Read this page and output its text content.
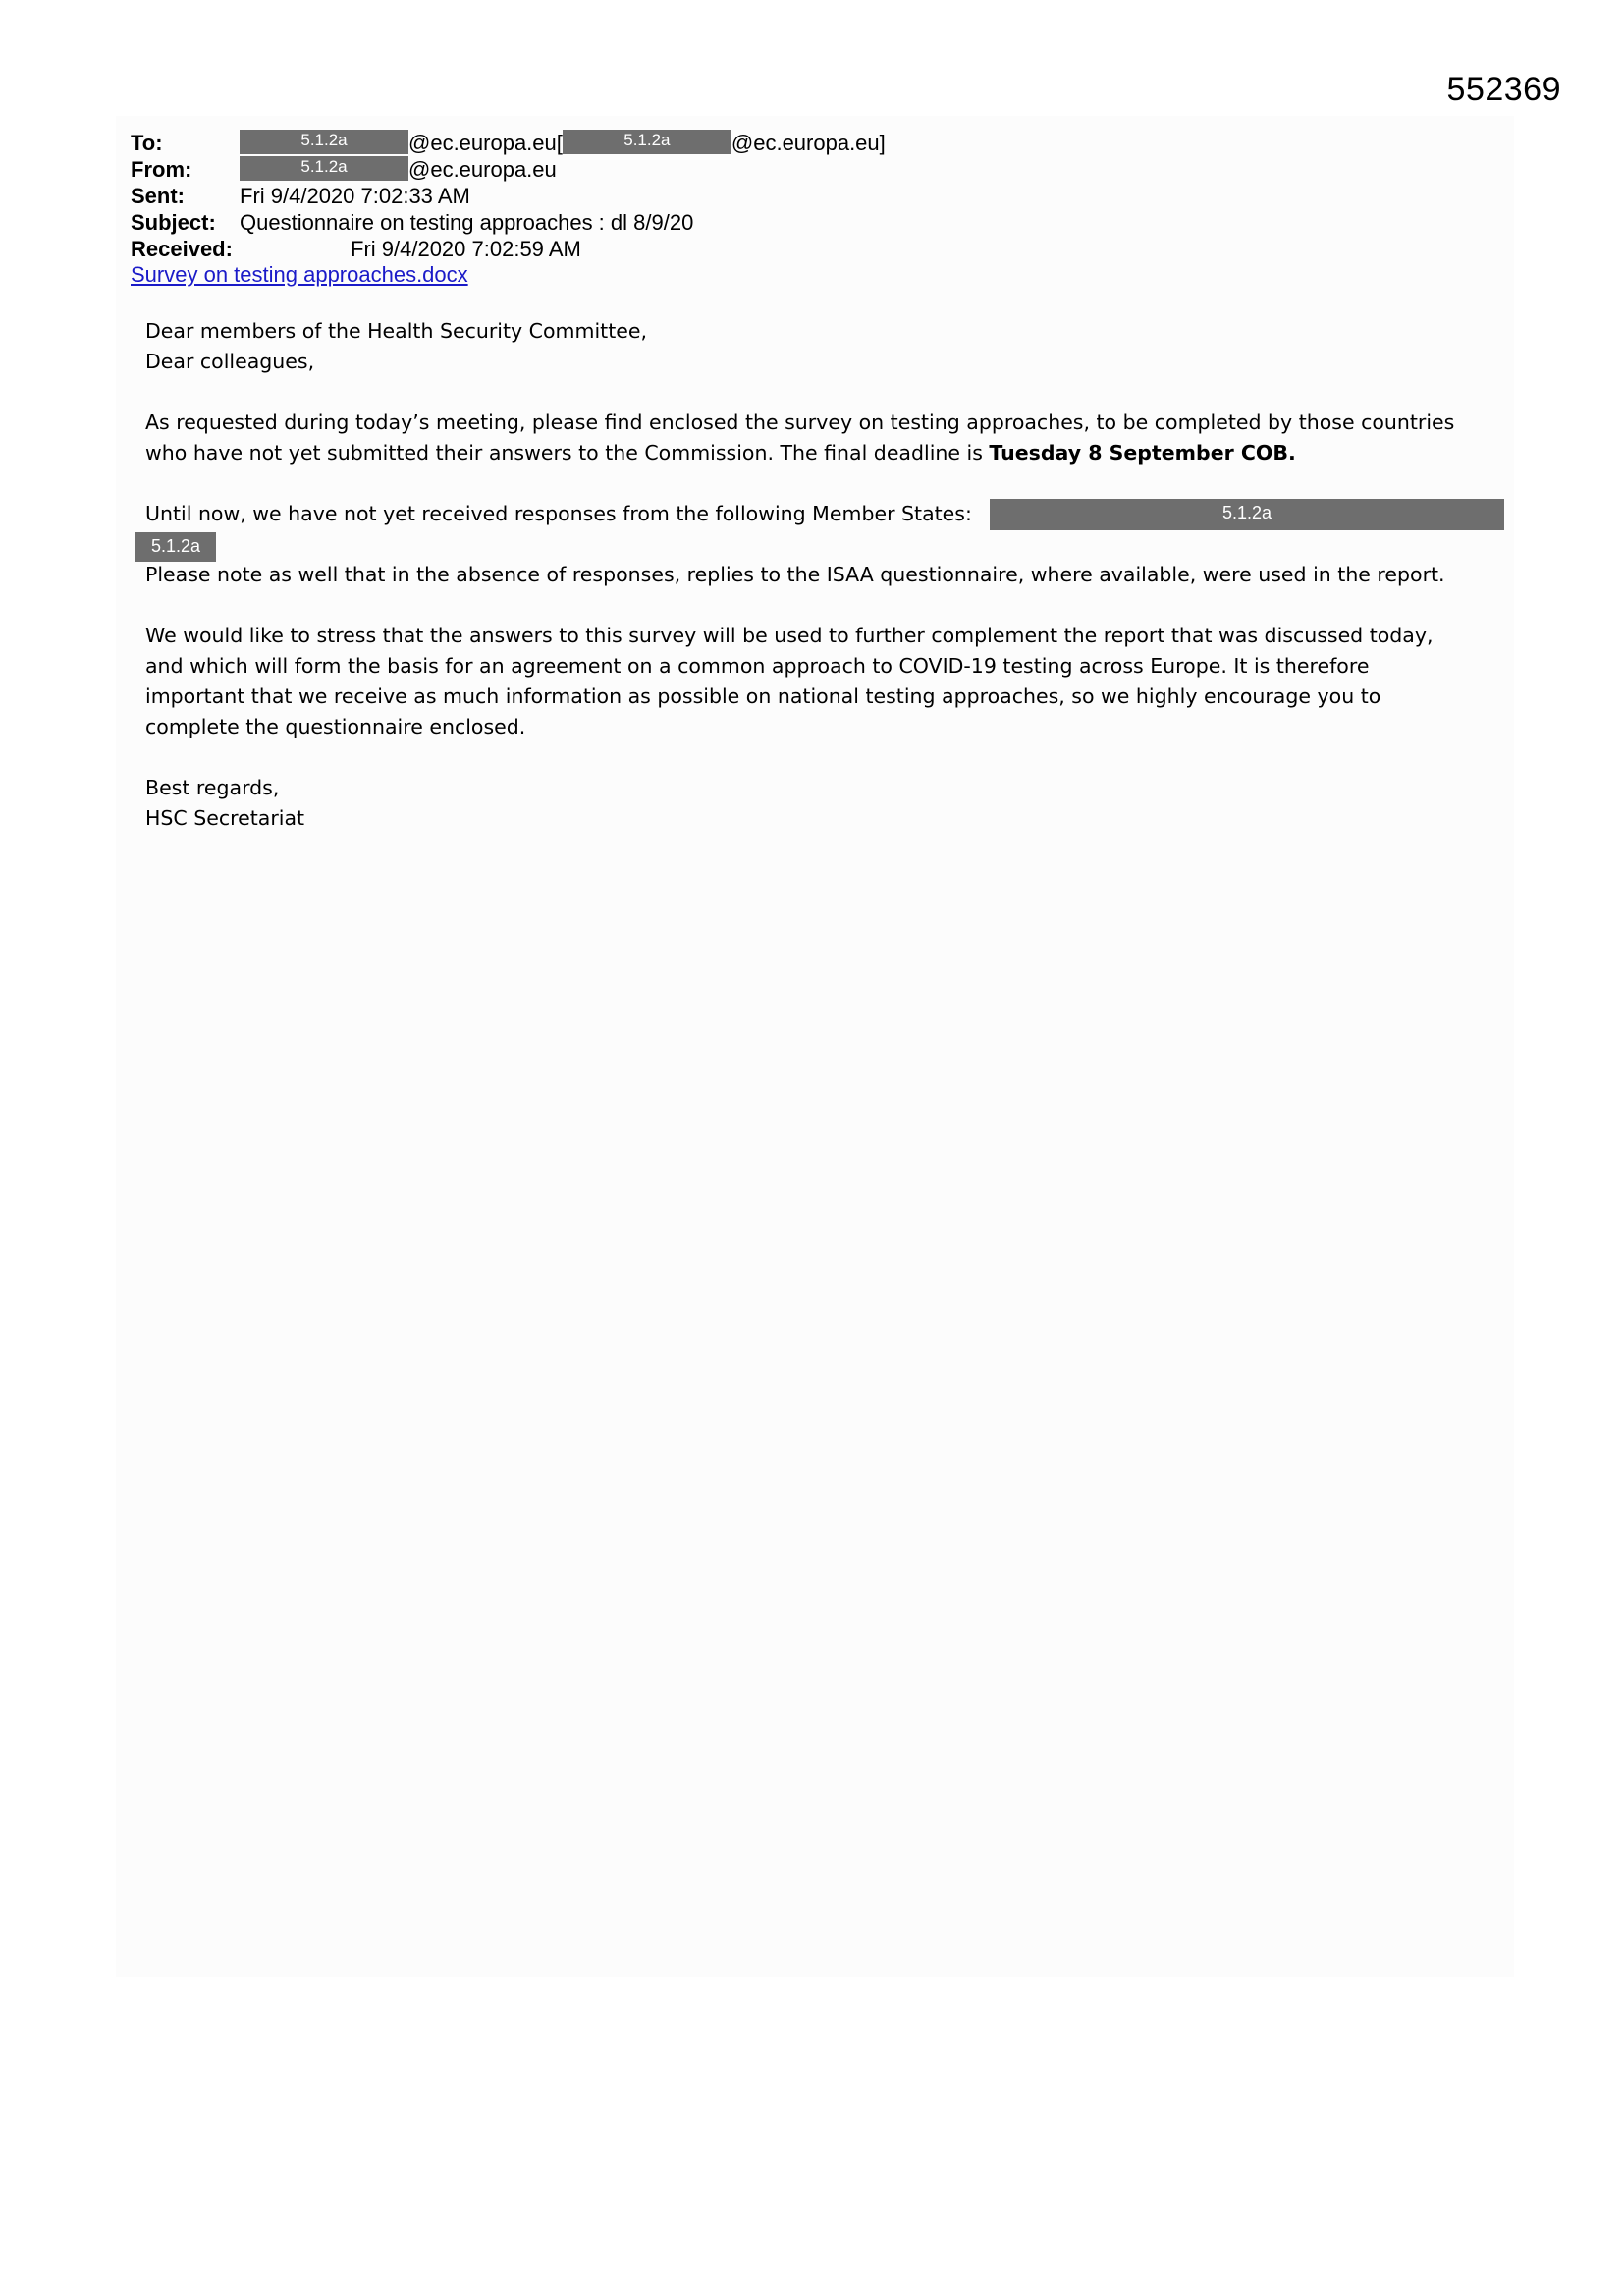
552369
To:	5.1.2a	@ec.europa.eu[	5.1.2a	@ec.europa.eu]
From:	5.1.2a	@ec.europa.eu
Sent:	Fri 9/4/2020 7:02:33 AM
Subject: Questionnaire on testing approaches : dl 8/9/20
Received:	Fri 9/4/2020 7:02:59 AM
Survey on testing approaches.docx
Dear members of the Health Security Committee,
Dear colleagues,
As requested during today’s meeting, please find enclosed the survey on testing approaches, to be completed by those countries
who have not yet submitted their answers to the Commission. The final deadline is Tuesday 8 September COB.
Until now, we have not yet received responses from the following Member States:

Please note as well that in the absence of responses, replies to the ISAA questionnaire, where available, were used in the report.
We would like to stress that the answers to this survey will be used to further complement the report that was discussed today,
and which will form the basis for an agreement on a common approach to COVID-19 testing across Europe. It is therefore
important that we receive as much information as possible on national testing approaches, so we highly encourage you to
complete the questionnaire enclosed.
Best regards,
HSC Secretariat
5.1.2a
5.1.2a
